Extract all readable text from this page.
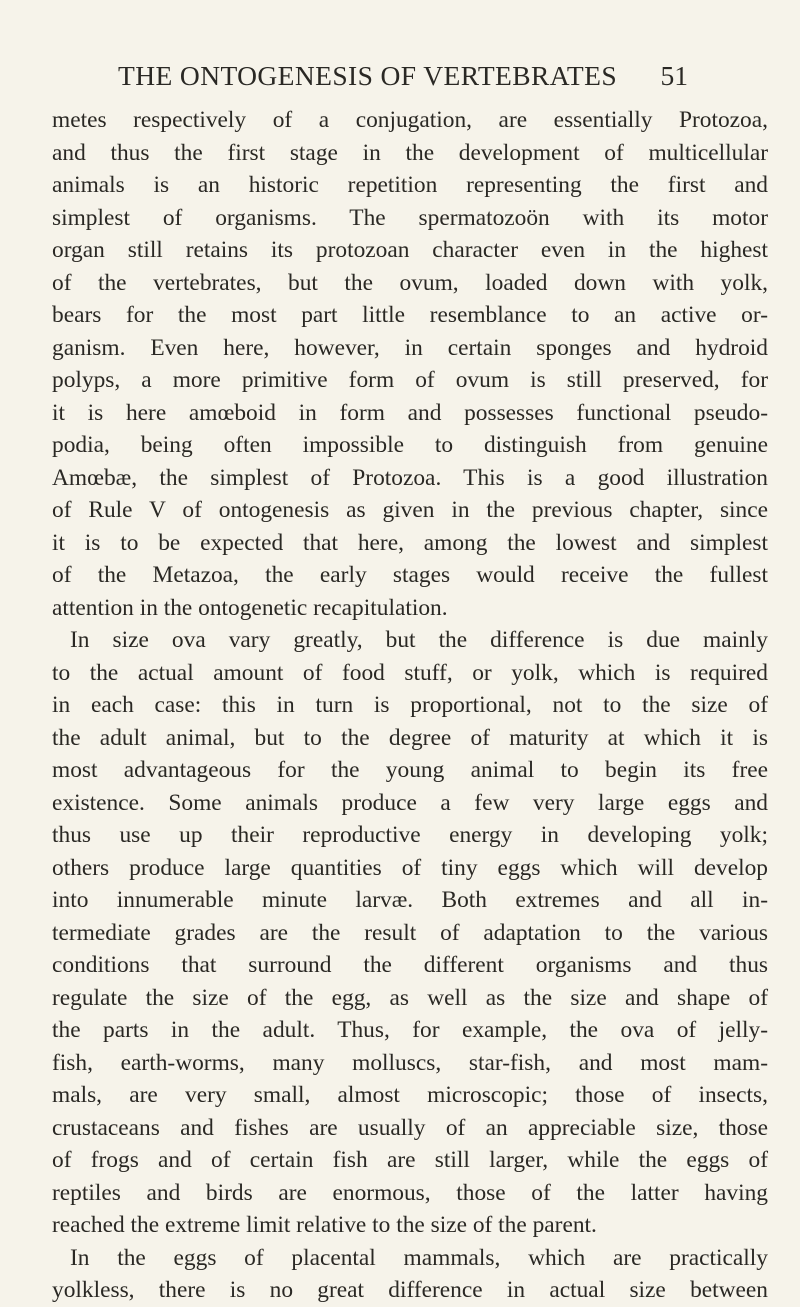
THE ONTOGENESIS OF VERTEBRATES 51
metes respectively of a conjugation, are essentially Protozoa,
and thus the first stage in the development of multicellular
animals is an historic repetition representing the first and
simplest of organisms. The spermatozoön with its motor
organ still retains its protozoan character even in the highest
of the vertebrates, but the ovum, loaded down with yolk,
bears for the most part little resemblance to an active or-
ganism. Even here, however, in certain sponges and hydroid
polyps, a more primitive form of ovum is still preserved, for
it is here amœboid in form and possesses functional pseudo-
podia, being often impossible to distinguish from genuine
Amœbæ, the simplest of Protozoa. This is a good illustration
of Rule V of ontogenesis as given in the previous chapter, since
it is to be expected that here, among the lowest and simplest
of the Metazoa, the early stages would receive the fullest
attention in the ontogenetic recapitulation.
In size ova vary greatly, but the difference is due mainly
to the actual amount of food stuff, or yolk, which is required
in each case: this in turn is proportional, not to the size of
the adult animal, but to the degree of maturity at which it is
most advantageous for the young animal to begin its free
existence. Some animals produce a few very large eggs and
thus use up their reproductive energy in developing yolk;
others produce large quantities of tiny eggs which will develop
into innumerable minute larvæ. Both extremes and all in-
termediate grades are the result of adaptation to the various
conditions that surround the different organisms and thus
regulate the size of the egg, as well as the size and shape of
the parts in the adult. Thus, for example, the ova of jelly-
fish, earth-worms, many molluscs, star-fish, and most mam-
mals, are very small, almost microscopic; those of insects,
crustaceans and fishes are usually of an appreciable size, those
of frogs and of certain fish are still larger, while the eggs of
reptiles and birds are enormous, those of the latter having
reached the extreme limit relative to the size of the parent.
In the eggs of placental mammals, which are practically
yolkless, there is no great difference in actual size between
